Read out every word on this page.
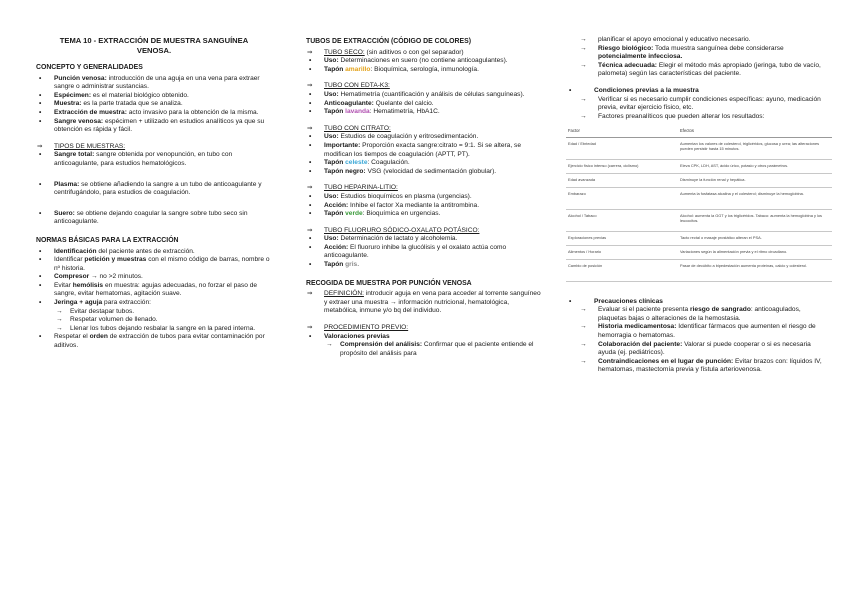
TEMA 10 - EXTRACCIÓN DE MUESTRA SANGUÍNEA VENOSA.
CONCEPTO Y GENERALIDADES
• Punción venosa: introducción de una aguja en una vena para extraer sangre o administrar sustancias.
• Espécimen: es el material biológico obtenido.
• Muestra: es la parte tratada que se analiza.
• Extracción de muestra: acto invasivo para la obtención de la misma.
• Sangre venosa: espécimen + utilizado en estudios analíticos ya que su obtención es rápida y fácil.
⇒ TIPOS DE MUESTRAS:
• Sangre total: sangre obtenida por venopunción, en tubo con anticoagulante, para estudios hematológicos.
• Plasma: se obtiene añadiendo la sangre a un tubo de anticoagulante y centrifugándolo, para estudios de coagulación.
• Suero: se obtiene dejando coagular la sangre sobre tubo seco sin anticoagulante.
NORMAS BÁSICAS PARA LA EXTRACCIÓN
• Identificación del paciente antes de extracción.
• Identificar petición y muestras con el mismo código de barras, nombre o nº historia.
• Compresor → no >2 minutos.
• Evitar hemólisis en muestra: agujas adecuadas, no forzar el paso de sangre, evitar hematomas, agitación suave.
• Jeringa + aguja para extracción:
→ Evitar destapar tubos.
→ Respetar volumen de llenado.
→ Llenar los tubos dejando resbalar la sangre en la pared interna.
• Respetar el orden de extracción de tubos para evitar contaminación por aditivos.
TUBOS DE EXTRACCIÓN (CÓDIGO DE COLORES)
⇒ TUBO SECO: (sin aditivos o con gel separador)
• Uso: Determinaciones en suero (no contiene anticoagulantes).
• Tapón amarillo: Bioquímica, serología, inmunología.
⇒ TUBO CON EDTA-K3:
• Uso: Hematimetría (cuantificación y análisis de células sanguíneas).
• Anticoagulante: Quelante del calcio.
• Tapón lavanda: Hematimetría, HbA1C.
⇒ TUBO CON CITRATO:
• Uso: Estudios de coagulación y eritrosedimentación.
• Importante: Proporción exacta sangre:citrato = 9:1. Si se altera, se modifican los tiempos de coagulación (APTT, PT).
• Tapón celeste: Coagulación.
• Tapón negro: VSG (velocidad de sedimentación globular).
⇒ TUBO HEPARINA-LITIO:
• Uso: Estudios bioquímicos en plasma (urgencias).
• Acción: Inhibe el factor Xa mediante la antitrombina.
• Tapón verde: Bioquímica en urgencias.
⇒ TUBO FLUORURO SÓDICO-OXALATO POTÁSICO:
• Uso: Determinación de lactato y alcoholemia.
• Acción: El fluoruro inhibe la glucólisis y el oxalato actúa como anticoagulante.
• Tapón gris.
RECOGIDA DE MUESTRA POR PUNCIÓN VENOSA
⇒ DEFINICIÓN: introducir aguja en vena para acceder al torrente sanguíneo y extraer una muestra → información nutricional, hematológica, metabólica, inmune y/o bq del individuo.
⇒ PROCEDIMIENTO PREVIO:
• Valoraciones previas
→ Comprensión del análisis: Confirmar que el paciente entiende el propósito del análisis para
→ planificar el apoyo emocional y educativo necesario.
→ Riesgo biológico: Toda muestra sanguínea debe considerarse potencialmente infecciosa.
→ Técnica adecuada: Elegir el método más apropiado (jeringa, tubo de vacío, palometa) según las características del paciente.
• Condiciones previas a la muestra
→ Verificar si es necesario cumplir condiciones específicas: ayuno, medicación previa, evitar ejercicio físico, etc.
→ Factores preanalíticos que pueden alterar los resultados:
Factor	Efectos
Edad / Ebriedad	Aumentan los valores de colesterol, triglicéridos, glucosa y urea; las alteraciones pueden persistir hasta 15 minutos.
Ejercicio físico intenso (carrera, ciclismo)	Eleva CPK, LDH, AST, ácido úrico, potasio y otros parámetros.
Edad avanzada	Disminuye la función renal y hepática.
Embarazo	Aumenta la fosfatasa alcalina y el colesterol; disminuye la hemoglobina.
Alcohol / Tabaco	Alcohol: aumenta la GGT y los triglicéridos. Tabaco: aumenta la hemoglobina y los leucocitos.
Exploraciones previas	Tacto rectal o masaje prostático alteran el PSA.
Alimentos / Horario	Variaciones según la alimentación previa y el ritmo circadiano.
Cambio de posición	Pasar de decúbito a bipedestación aumenta proteínas, calcio y colesterol.
• Precauciones clínicas
→ Evaluar si el paciente presenta riesgo de sangrado: anticoagulados, plaquetas bajas o alteraciones de la hemostasia.
→ Historia medicamentosa: Identificar fármacos que aumenten el riesgo de hemorragia o hematomas.
→ Colaboración del paciente: Valorar si puede cooperar o si es necesaria ayuda (ej. pediátricos).
→ Contraindicaciones en el lugar de punción: Evitar brazos con: líquidos IV, hematomas, mastectomía previa y fístula arteriovenosa.
